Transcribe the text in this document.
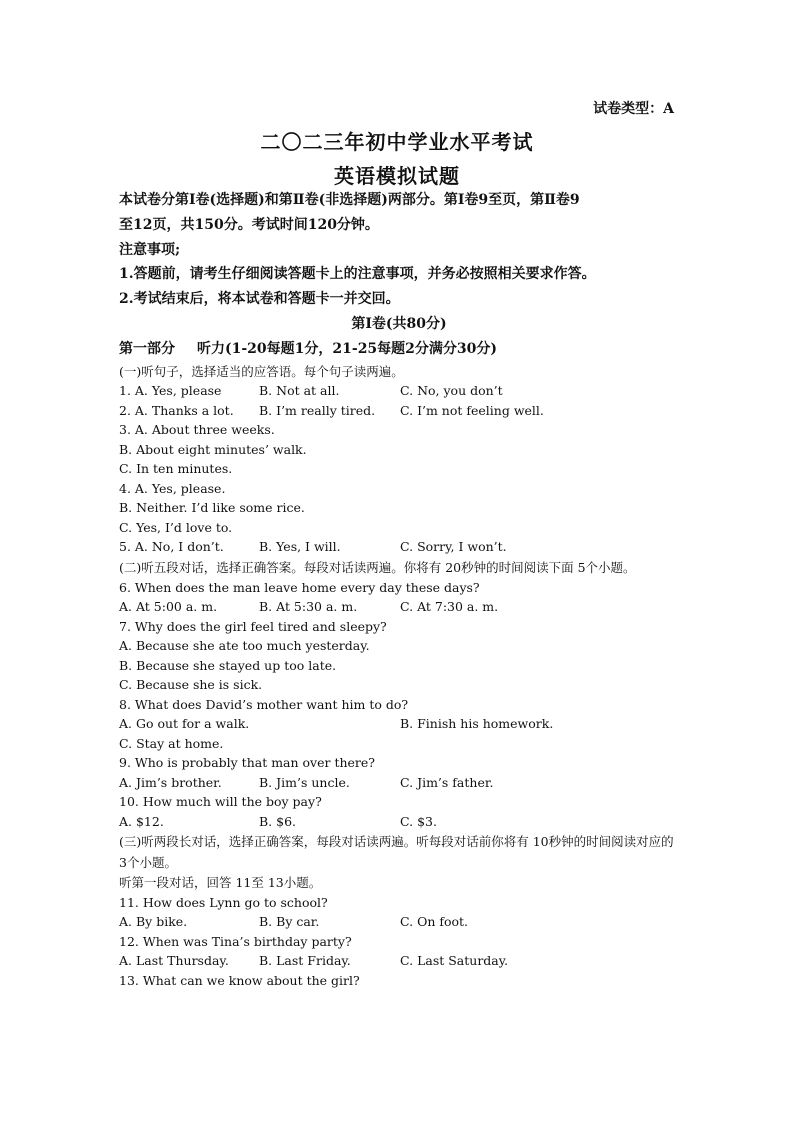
试卷类型：A
二〇二三年初中学业水平考试
英语模拟试题
本试卷分第Ⅰ卷(选择题)和第Ⅱ卷(非选择题)两部分。第Ⅰ卷9至页，第Ⅱ卷9
至12页，共150分。考试时间120分钟。
注意事项;
1.答题前，请考生仔细阅读答题卡上的注意事项，并务必按照相关要求作答。
2.考试结束后，将本试卷和答题卡一并交回。
第Ⅰ卷(共80分)
第一部分 听力(1-20每题1分，21-25每题2分满分30分)
(一)听句子，选择适当的应答语。每个句子读两遍。
1. A. Yes, please	B. Not at all.	C. No, you don’t
2. A. Thanks a lot. B. I’m really tired. C. I’m not feeling well.
3. A. About three weeks.
B. About eight minutes’ walk.
C. In ten minutes.
4. A. Yes, please.
B. Neither. I’d like some rice.
C. Yes, I’d love to.
5. A. No, I don’t.	B. Yes, I will.	C. Sorry, I won’t.
(二)听五段对话，选择正确答案。每段对话读两遍。你将有 20秒钟的时间阅读下面 5个小题。
6. When does the man leave home every day these days?
A. At 5:00 a. m.	B. At 5:30 a. m.	C. At 7:30 a. m.
7. Why does the girl feel tired and sleepy?
A. Because she ate too much yesterday.
B. Because she stayed up too late.
C. Because she is sick.
8. What does David’s mother want him to do?
A. Go out for a walk.	B. Finish his homework.
C. Stay at home.
9. Who is probably that man over there?
A. Jim’s brother.	B. Jim’s uncle.	C. Jim’s father.
10. How much will the boy pay?
A. $12.	B. $6.	C. $3.
(三)听两段长对话，选择正确答案，每段对话读两遍。听每段对话前你将有 10秒钟的时间阅读对应的 3个小题。
听第一段对话，回答 11至 13小题。
11. How does Lynn go to school?
A. By bike.	B. By car.	C. On foot.
12. When was Tina’s birthday party?
A. Last Thursday. B. Last Friday.	C. Last Saturday.
13. What can we know about the girl?
